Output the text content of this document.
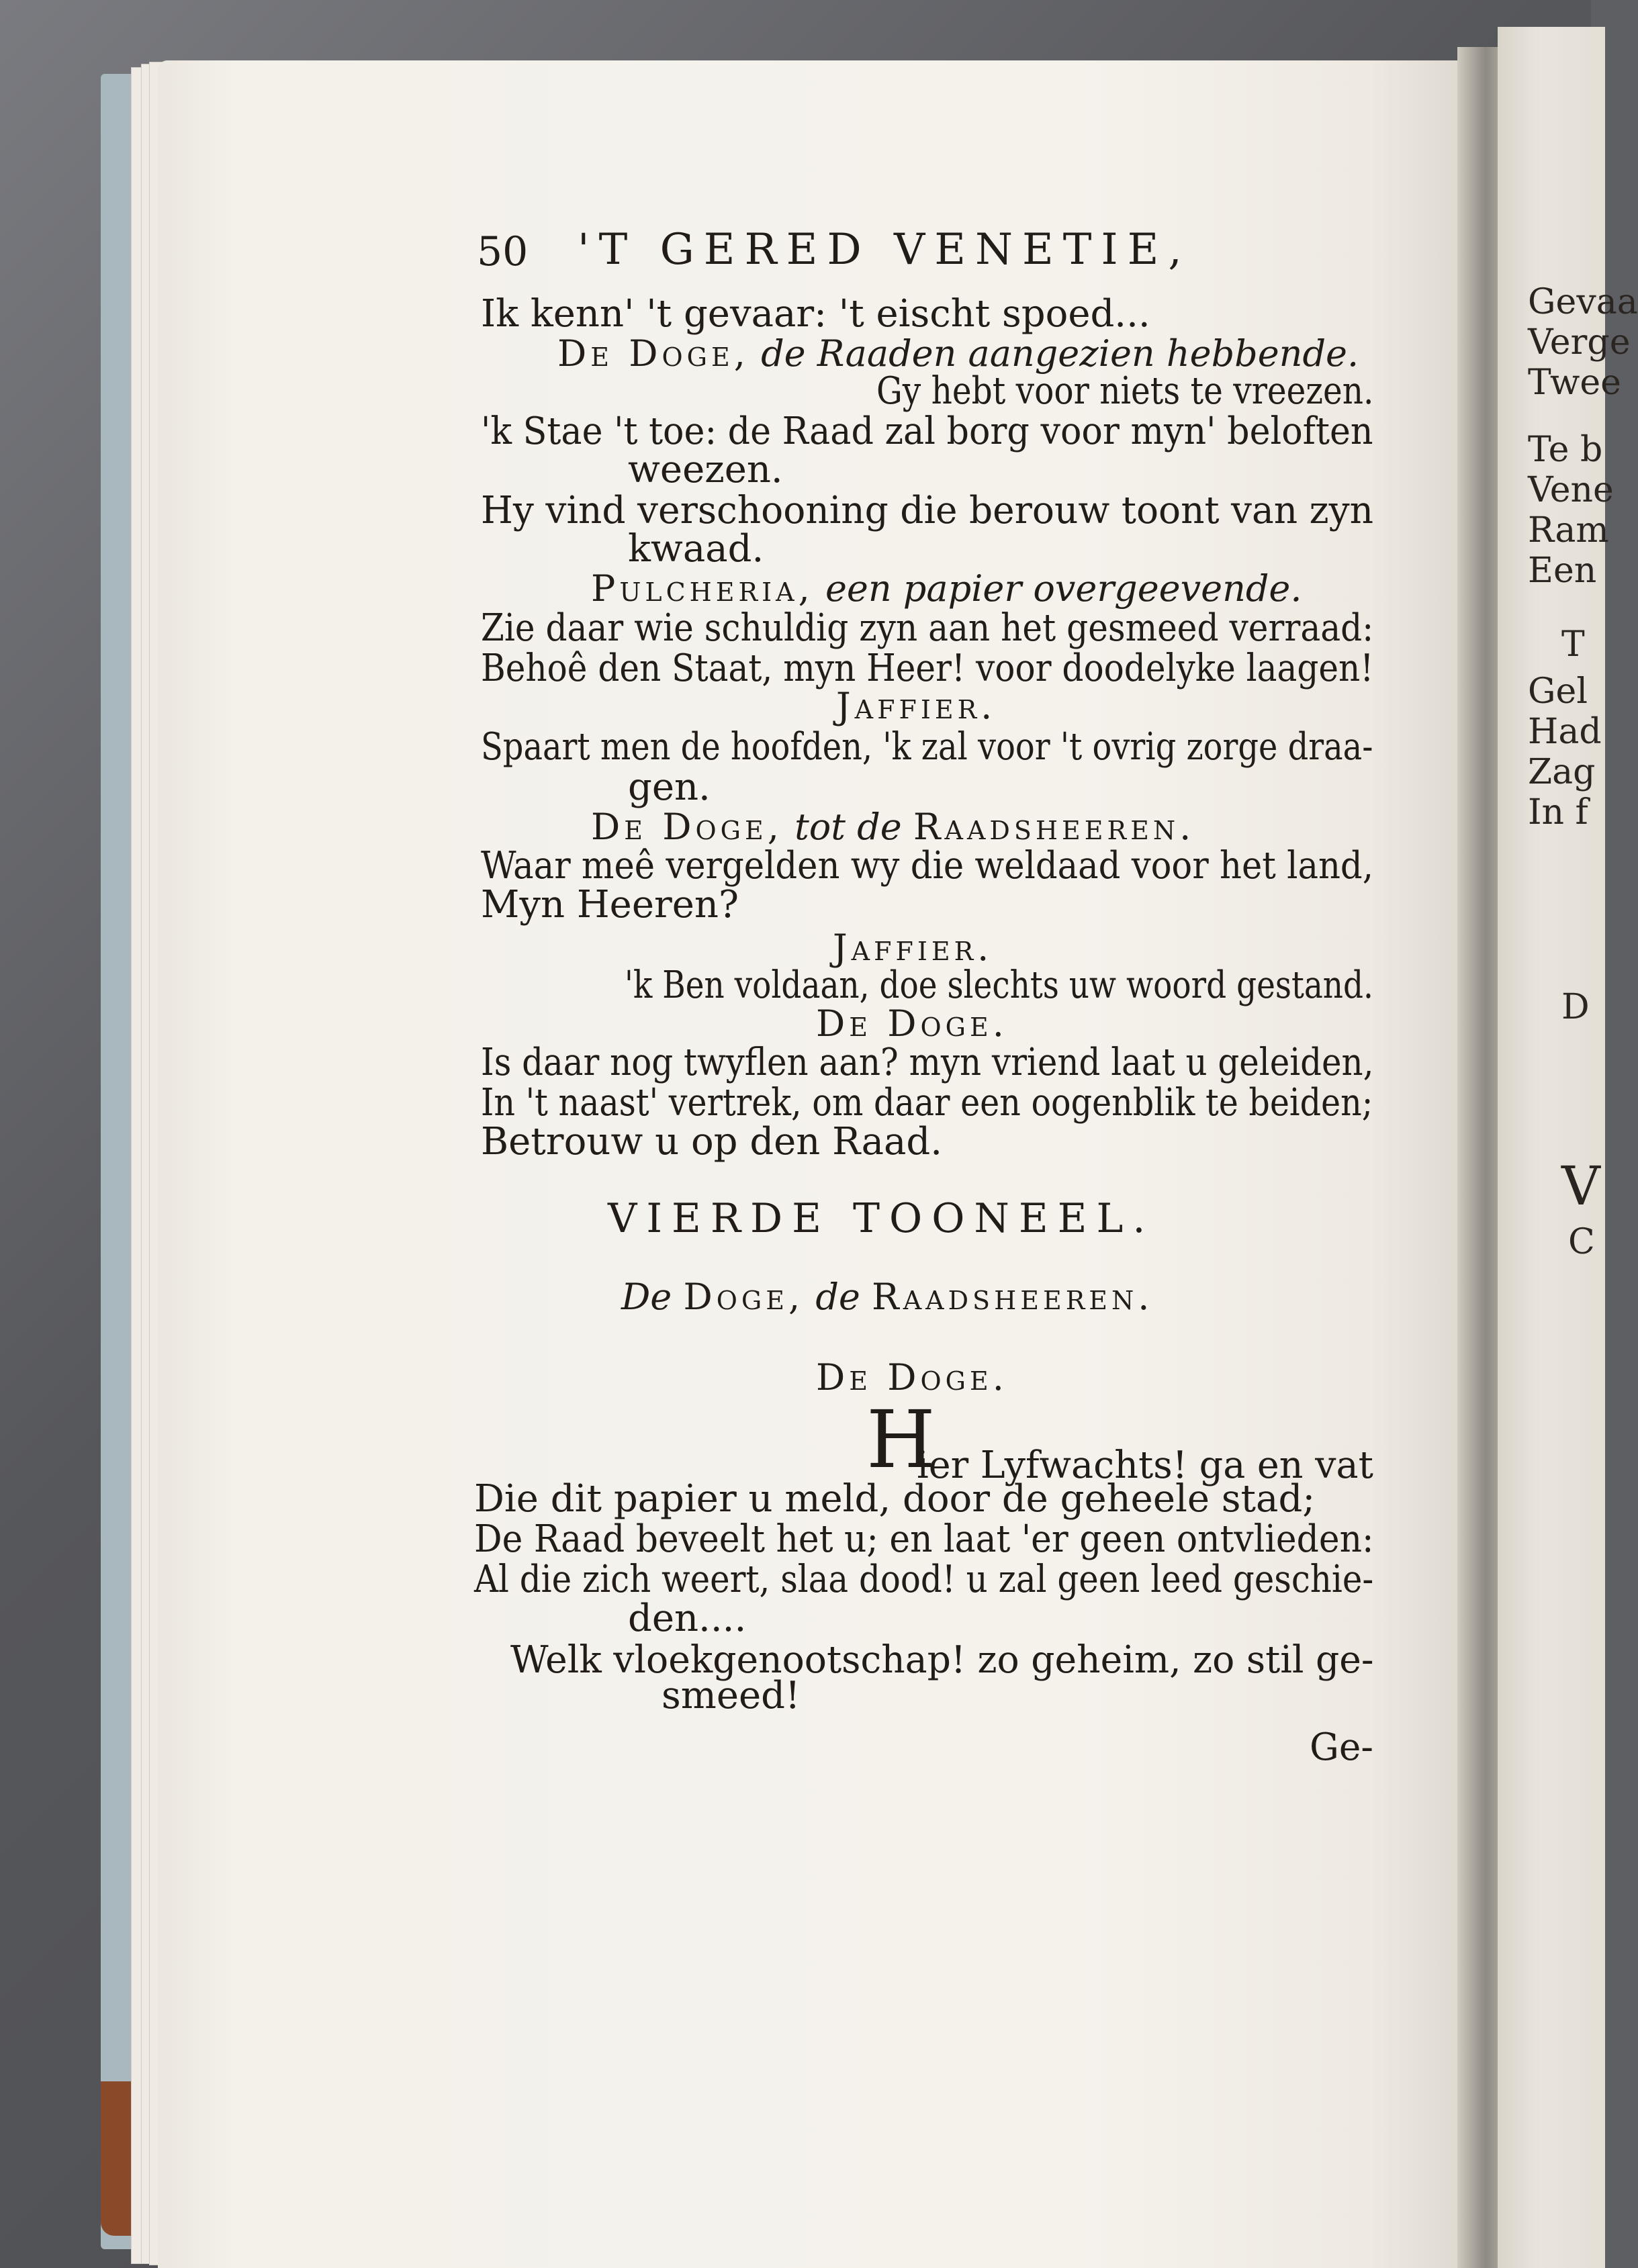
Gevaa
Verge
Twee
Te b
Vene
Ram
Een
T
Gel
Had
Zag
In f
D
V
C
50 'T GERED VENETIE,
Ik kenn' 't gevaar: 't eischt spoed...
De Doge, de Raaden aangezien hebbende.
Gy hebt voor niets te vreezen.
'k Stae 't toe: de Raad zal borg voor myn' beloften
weezen.
Hy vind verschooning die berouw toont van zyn
kwaad.
Pulcheria, een papier overgeevende.
Zie daar wie schuldig zyn aan het gesmeed verraad:
Behoê den Staat, myn Heer! voor doodelyke laagen!
Jaffier.
Spaart men de hoofden, 'k zal voor 't ovrig zorge draa-
gen.
De Doge, tot de Raadsheeren.
Waar meê vergelden wy die weldaad voor het land,
Myn Heeren?
Jaffier.
'k Ben voldaan, doe slechts uw woord gestand.
De Doge.
Is daar nog twyflen aan? myn vriend laat u geleiden,
In 't naast' vertrek, om daar een oogenblik te beiden;
Betrouw u op den Raad.
VIERDE TOONEEL.
De Doge, de Raadsheeren.
De Doge.
H
ier Lyfwachts! ga en vat
Die dit papier u meld, door de geheele stad;
De Raad beveelt het u; en laat 'er geen ontvlieden:
Al die zich weert, slaa dood! u zal geen leed geschie-
den....
Welk vloekgenootschap! zo geheim, zo stil ge-
smeed!
Ge-
